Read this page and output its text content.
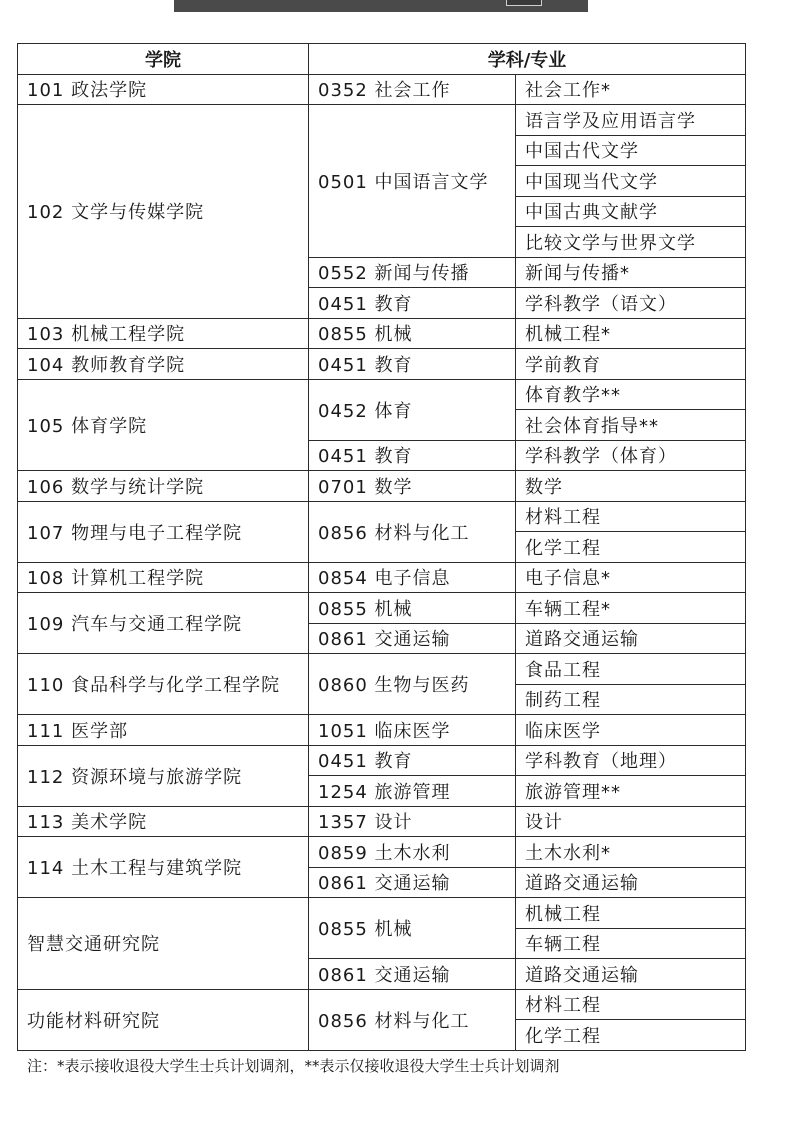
学院	学科/专业	
101 政法学院	0352 社会工作	社会工作*
102 文学与传媒学院	0501 中国语言文学	语言学及应用语言学
		中国古代文学
		中国现当代文学
		中国古典文献学
		比较文学与世界文学
	0552 新闻与传播	新闻与传播*
	0451 教育	学科教学（语文）
103 机械工程学院	0855 机械	机械工程*
104 教师教育学院	0451 教育	学前教育
105 体育学院	0452 体育	体育教学**
		社会体育指导**
	0451 教育	学科教学（体育）
106 数学与统计学院	0701 数学	数学
107 物理与电子工程学院	0856 材料与化工	材料工程
		化学工程
108 计算机工程学院	0854 电子信息	电子信息*
109 汽车与交通工程学院	0855 机械	车辆工程*
	0861 交通运输	道路交通运输
110 食品科学与化学工程学院	0860 生物与医药	食品工程
		制药工程
111 医学部	1051 临床医学	临床医学
112 资源环境与旅游学院	0451 教育	学科教育（地理）
	1254 旅游管理	旅游管理**
113 美术学院	1357 设计	设计
114 土木工程与建筑学院	0859 土木水利	土木水利*
	0861 交通运输	道路交通运输
智慧交通研究院	0855 机械	机械工程
		车辆工程
	0861 交通运输	道路交通运输
功能材料研究院	0856 材料与化工	材料工程
		化学工程
注：*表示接收退役大学生士兵计划调剂，**表示仅接收退役大学生士兵计划调剂
